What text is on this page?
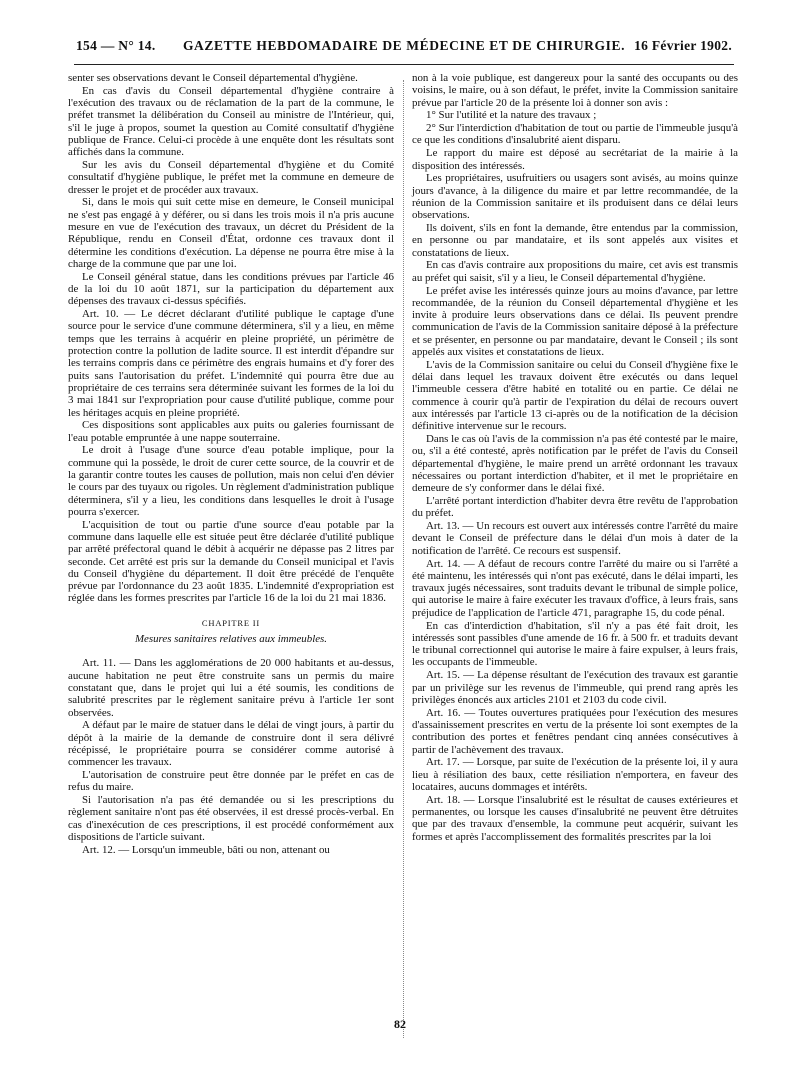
154 — N° 14.	GAZETTE HEBDOMADAIRE DE MÉDECINE ET DE CHIRURGIE. 16 Février 1902.

senter ses observations devant le Conseil départemental d'hygiène.

En cas d'avis du Conseil départemental d'hygiène contraire à l'exécution des travaux ou de réclamation de la part de la commune, le préfet transmet la délibération du Conseil au ministre de l'Intérieur, qui, s'il le juge à propos, soumet la question au Comité consultatif d'hygiène publique de France. Celui-ci procède à une enquête dont les résultats sont affichés dans la commune.

Sur les avis du Conseil départemental d'hygiène et du Comité consultatif d'hygiène publique, le préfet met la commune en demeure de dresser le projet et de procéder aux travaux.

Si, dans le mois qui suit cette mise en demeure, le Conseil municipal ne s'est pas engagé à y déférer, ou si dans les trois mois il n'a pris aucune mesure en vue de l'exécution des travaux, un décret du Président de la République, rendu en Conseil d'État, ordonne ces travaux dont il détermine les conditions d'exécution. La dépense ne pourra être mise à la charge de la commune que par une loi.

Le Conseil général statue, dans les conditions prévues par l'article 46 de la loi du 10 août 1871, sur la participation du département aux dépenses des travaux ci-dessus spécifiés.

Art. 10. — Le décret déclarant d'utilité publique le captage d'une source pour le service d'une commune déterminera, s'il y a lieu, en même temps que les terrains à acquérir en pleine propriété, un périmètre de protection contre la pollution de ladite source. Il est interdit d'épandre sur les terrains compris dans ce périmètre des engrais humains et d'y forer des puits sans l'autorisation du préfet. L'indemnité qui pourra être due au propriétaire de ces terrains sera déterminée suivant les formes de la loi du 3 mai 1841 sur l'expropriation pour cause d'utilité publique, comme pour les héritages acquis en pleine propriété.

Ces dispositions sont applicables aux puits ou galeries fournissant de l'eau potable empruntée à une nappe souterraine.

Le droit à l'usage d'une source d'eau potable implique, pour la commune qui la possède, le droit de curer cette source, de la couvrir et de la garantir contre toutes les causes de pollution, mais non celui d'en dévier le cours par des tuyaux ou rigoles. Un règlement d'administration publique déterminera, s'il y a lieu, les conditions dans lesquelles le droit à l'usage pourra s'exercer.

L'acquisition de tout ou partie d'une source d'eau potable par la commune dans laquelle elle est située peut être déclarée d'utilité publique par arrêté préfectoral quand le débit à acquérir ne dépasse pas 2 litres par seconde. Cet arrêté est pris sur la demande du Conseil municipal et l'avis du Conseil d'hygiène du département. Il doit être précédé de l'enquête prévue par l'ordonnance du 23 août 1835. L'indemnité d'expropriation est réglée dans les formes prescrites par l'article 16 de la loi du 21 mai 1836.

CHAPITRE II
Mesures sanitaires relatives aux immeubles.

Art. 11. — Dans les agglomérations de 20 000 habitants et au-dessus, aucune habitation ne peut être construite sans un permis du maire constatant que, dans le projet qui lui a été soumis, les conditions de salubrité prescrites par le règlement sanitaire prévu à l'article 1er sont observées.

A défaut par le maire de statuer dans le délai de vingt jours, à partir du dépôt à la mairie de la demande de construire dont il sera délivré récépissé, le propriétaire pourra se considérer comme autorisé à commencer les travaux.

L'autorisation de construire peut être donnée par le préfet en cas de refus du maire.

Si l'autorisation n'a pas été demandée ou si les prescriptions du règlement sanitaire n'ont pas été observées, il est dressé procès-verbal. En cas d'inexécution de ces prescriptions, il est procédé conformément aux dispositions de l'article suivant.

Art. 12. — Lorsqu'un immeuble, bâti ou non, attenant ou

non à la voie publique, est dangereux pour la santé des occupants ou des voisins, le maire, ou à son défaut, le préfet, invite la Commission sanitaire prévue par l'article 20 de la présente loi à donner son avis :

1° Sur l'utilité et la nature des travaux ;

2° Sur l'interdiction d'habitation de tout ou partie de l'immeuble jusqu'à ce que les conditions d'insalubrité aient disparu.

Le rapport du maire est déposé au secrétariat de la mairie à la disposition des intéressés.

Les propriétaires, usufruitiers ou usagers sont avisés, au moins quinze jours d'avance, à la diligence du maire et par lettre recommandée, de la réunion de la Commission sanitaire et ils produisent dans ce délai leurs observations.

Ils doivent, s'ils en font la demande, être entendus par la commission, en personne ou par mandataire, et ils sont appelés aux visites et constatations de lieux.

En cas d'avis contraire aux propositions du maire, cet avis est transmis au préfet qui saisit, s'il y a lieu, le Conseil départemental d'hygiène.

Le préfet avise les intéressés quinze jours au moins d'avance, par lettre recommandée, de la réunion du Conseil départemental d'hygiène et les invite à produire leurs observations dans ce délai. Ils peuvent prendre communication de l'avis de la Commission sanitaire déposé à la préfecture et se présenter, en personne ou par mandataire, devant le Conseil ; ils sont appelés aux visites et constatations de lieux.

L'avis de la Commission sanitaire ou celui du Conseil d'hygiène fixe le délai dans lequel les travaux doivent être exécutés ou dans lequel l'immeuble cessera d'être habité en totalité ou en partie. Ce délai ne commence à courir qu'à partir de l'expiration du délai de recours ouvert aux intéressés par l'article 13 ci-après ou de la notification de la décision définitive intervenue sur le recours.

Dans le cas où l'avis de la commission n'a pas été contesté par le maire, ou, s'il a été contesté, après notification par le préfet de l'avis du Conseil départemental d'hygiène, le maire prend un arrêté ordonnant les travaux nécessaires ou portant interdiction d'habiter, et il met le propriétaire en demeure de s'y conformer dans le délai fixé.

L'arrêté portant interdiction d'habiter devra être revêtu de l'approbation du préfet.

Art. 13. — Un recours est ouvert aux intéressés contre l'arrêté du maire devant le Conseil de préfecture dans le délai d'un mois à dater de la notification de l'arrêté. Ce recours est suspensif.

Art. 14. — A défaut de recours contre l'arrêté du maire ou si l'arrêté a été maintenu, les intéressés qui n'ont pas exécuté, dans le délai imparti, les travaux jugés nécessaires, sont traduits devant le tribunal de simple police, qui autorise le maire à faire exécuter les travaux d'office, à leurs frais, sans préjudice de l'application de l'article 471, paragraphe 15, du code pénal.

En cas d'interdiction d'habitation, s'il n'y a pas été fait droit, les intéressés sont passibles d'une amende de 16 fr. à 500 fr. et traduits devant le tribunal correctionnel qui autorise le maire à faire expulser, à leurs frais, les occupants de l'immeuble.

Art. 15. — La dépense résultant de l'exécution des travaux est garantie par un privilège sur les revenus de l'immeuble, qui prend rang après les privilèges énoncés aux articles 2101 et 2103 du code civil.

Art. 16. — Toutes ouvertures pratiquées pour l'exécution des mesures d'assainissement prescrites en vertu de la présente loi sont exemptes de la contribution des portes et fenêtres pendant cinq années consécutives à partir de l'achèvement des travaux.

Art. 17. — Lorsque, par suite de l'exécution de la présente loi, il y aura lieu à résiliation des baux, cette résiliation n'emportera, en faveur des locataires, aucuns dommages et intérêts.

Art. 18. — Lorsque l'insalubrité est le résultat de causes extérieures et permanentes, ou lorsque les causes d'insalubrité ne peuvent être détruites que par des travaux d'ensemble, la commune peut acquérir, suivant les formes et après l'accomplissement des formalités prescrites par la loi

82
